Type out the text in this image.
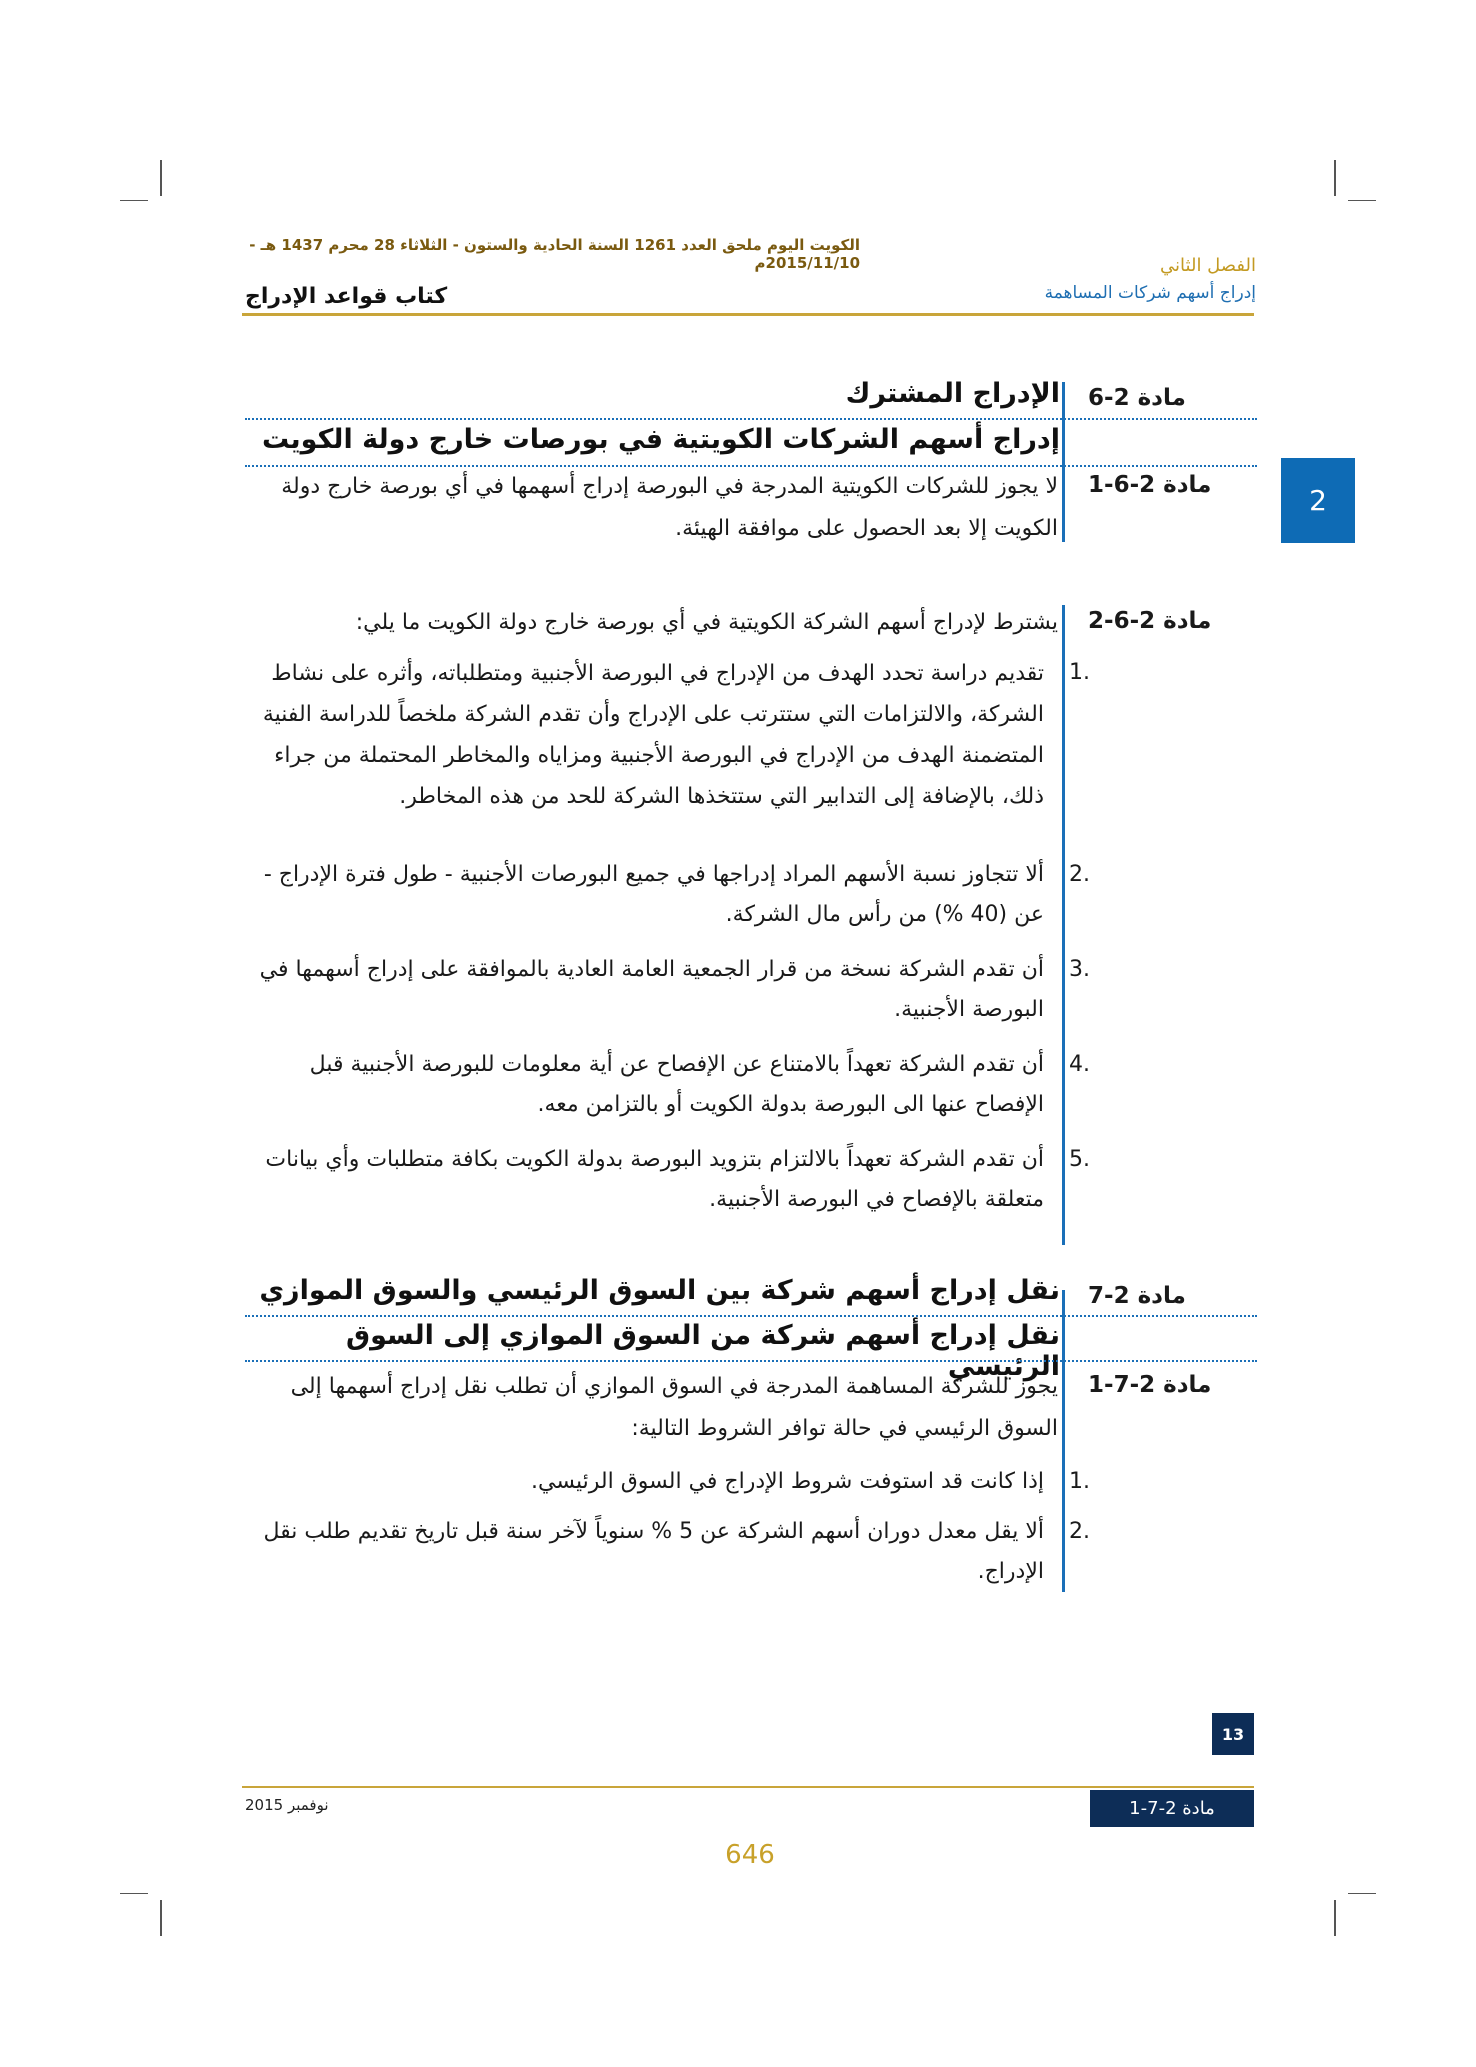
الكويت اليوم ملحق العدد 1261 السنة الحادية والستون - الثلاثاء 28 محرم 1437 هـ - 2015/11/10م	الفصل الثاني
إدراج أسهم شركات المساهمة
كتاب قواعد الإدراج
2
مادة 2-6
الإدراج المشترك
إدراج أسهم الشركات الكويتية في بورصات خارج دولة الكويت
مادة 2-6-1
لا يجوز للشركات الكويتية المدرجة في البورصة إدراج أسهمها في أي بورصة خارج دولة الكويت إلا بعد الحصول على موافقة الهيئة.
مادة 2-6-2
يشترط لإدراج أسهم الشركة الكويتية في أي بورصة خارج دولة الكويت ما يلي:
1.
تقديم دراسة تحدد الهدف من الإدراج في البورصة الأجنبية ومتطلباته، وأثره على نشاط الشركة، والالتزامات التي ستترتب على الإدراج وأن تقدم الشركة ملخصاً للدراسة الفنية المتضمنة الهدف من الإدراج في البورصة الأجنبية ومزاياه والمخاطر المحتملة من جراء ذلك، بالإضافة إلى التدابير التي ستتخذها الشركة للحد من هذه المخاطر.
2.
ألا تتجاوز نسبة الأسهم المراد إدراجها في جميع البورصات الأجنبية - طول فترة الإدراج - عن (40 %) من رأس مال الشركة.
3.
أن تقدم الشركة نسخة من قرار الجمعية العامة العادية بالموافقة على إدراج أسهمها في البورصة الأجنبية.
4.
أن تقدم الشركة تعهداً بالامتناع عن الإفصاح عن أية معلومات للبورصة الأجنبية قبل الإفصاح عنها الى البورصة بدولة الكويت أو بالتزامن معه.
5.
أن تقدم الشركة تعهداً بالالتزام بتزويد البورصة بدولة الكويت بكافة متطلبات وأي بيانات متعلقة بالإفصاح في البورصة الأجنبية.
مادة 2-7
نقل إدراج أسهم شركة بين السوق الرئيسي والسوق الموازي
نقل إدراج أسهم شركة من السوق الموازي إلى السوق الرئيسي
مادة 2-7-1
يجوز للشركة المساهمة المدرجة في السوق الموازي أن تطلب نقل إدراج أسهمها إلى السوق الرئيسي في حالة توافر الشروط التالية:
1.
إذا كانت قد استوفت شروط الإدراج في السوق الرئيسي.
2.
ألا يقل معدل دوران أسهم الشركة عن 5 % سنوياً لآخر سنة قبل تاريخ تقديم طلب نقل الإدراج.
13
نوفمبر 2015	مادة 2-7-1
646
